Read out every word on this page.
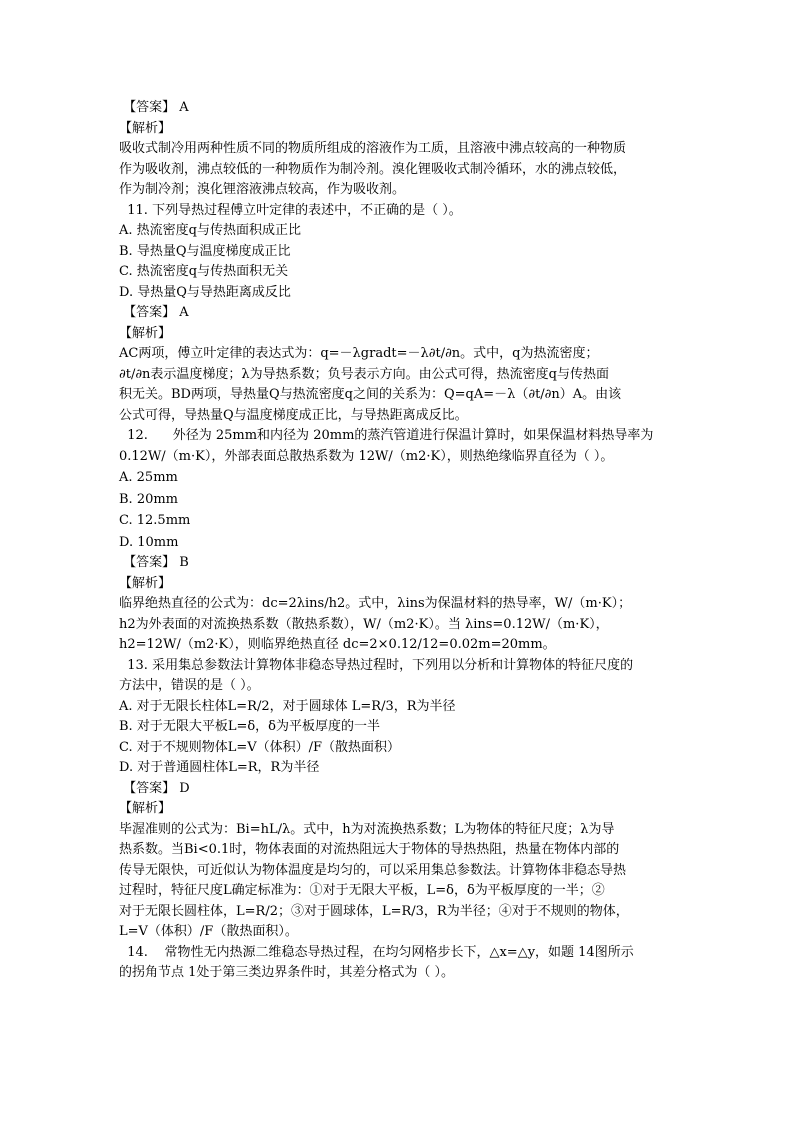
【答案】 A
【解析】
吸收式制冷用两种性质不同的物质所组成的溶液作为工质，且溶液中沸点较高的一种物质
作为吸收剂，沸点较低的一种物质作为制冷剂。溴化锂吸收式制冷循环，水的沸点较低，
作为制冷剂；溴化锂溶液沸点较高，作为吸收剂。
11. 下列导热过程傅立叶定律的表述中，不正确的是（ ）。
A. 热流密度q与传热面积成正比
B. 导热量Q与温度梯度成正比
C. 热流密度q与传热面积无关
D. 导热量Q与导热距离成反比
【答案】 A
【解析】
AC两项，傅立叶定律的表达式为：q=－λgradt=－λ∂t/∂n。式中，q为热流密度；
∂t/∂n表示温度梯度；λ为导热系数；负号表示方向。由公式可得，热流密度q与传热面
积无关。BD两项，导热量Q与热流密度q之间的关系为：Q=qA=－λ（∂t/∂n）A。由该
公式可得，导热量Q与温度梯度成正比，与导热距离成反比。
12.      外径为 25mm和内径为 20mm的蒸汽管道进行保温计算时，如果保温材料热导率为
0.12W/（m·K），外部表面总散热系数为 12W/（m2·K），则热绝缘临界直径为（ ）。
A. 25mm
B. 20mm
C. 12.5mm
D. 10mm
【答案】 B
【解析】
临界绝热直径的公式为：dc=2λins/h2。式中，λins为保温材料的热导率，W/（m·K）；
h2为外表面的对流换热系数（散热系数），W/（m2·K）。当 λins=0.12W/（m·K），
h2=12W/（m2·K），则临界绝热直径 dc=2×0.12/12=0.02m=20mm。
13. 采用集总参数法计算物体非稳态导热过程时，下列用以分析和计算物体的特征尺度的
方法中，错误的是（ ）。
A. 对于无限长柱体L=R/2，对于圆球体 L=R/3，R为半径
B. 对于无限大平板L=δ，δ为平板厚度的一半
C. 对于不规则物体L=V（体积）/F（散热面积）
D. 对于普通圆柱体L=R，R为半径
【答案】 D
【解析】
毕渥准则的公式为：Bi=hL/λ。式中，h为对流换热系数；L为物体的特征尺度；λ为导
热系数。当Bi<0.1时，物体表面的对流热阻远大于物体的导热热阻，热量在物体内部的
传导无限快，可近似认为物体温度是均匀的，可以采用集总参数法。计算物体非稳态导热
过程时，特征尺度L确定标准为：①对于无限大平板，L=δ，δ为平板厚度的一半；②
对于无限长圆柱体，L=R/2；③对于圆球体，L=R/3，R为半径；④对于不规则的物体，
L=V（体积）/F（散热面积）。
14.    常物性无内热源二维稳态导热过程，在均匀网格步长下，△x=△y，如题 14图所示
的拐角节点 1处于第三类边界条件时，其差分格式为（ ）。
